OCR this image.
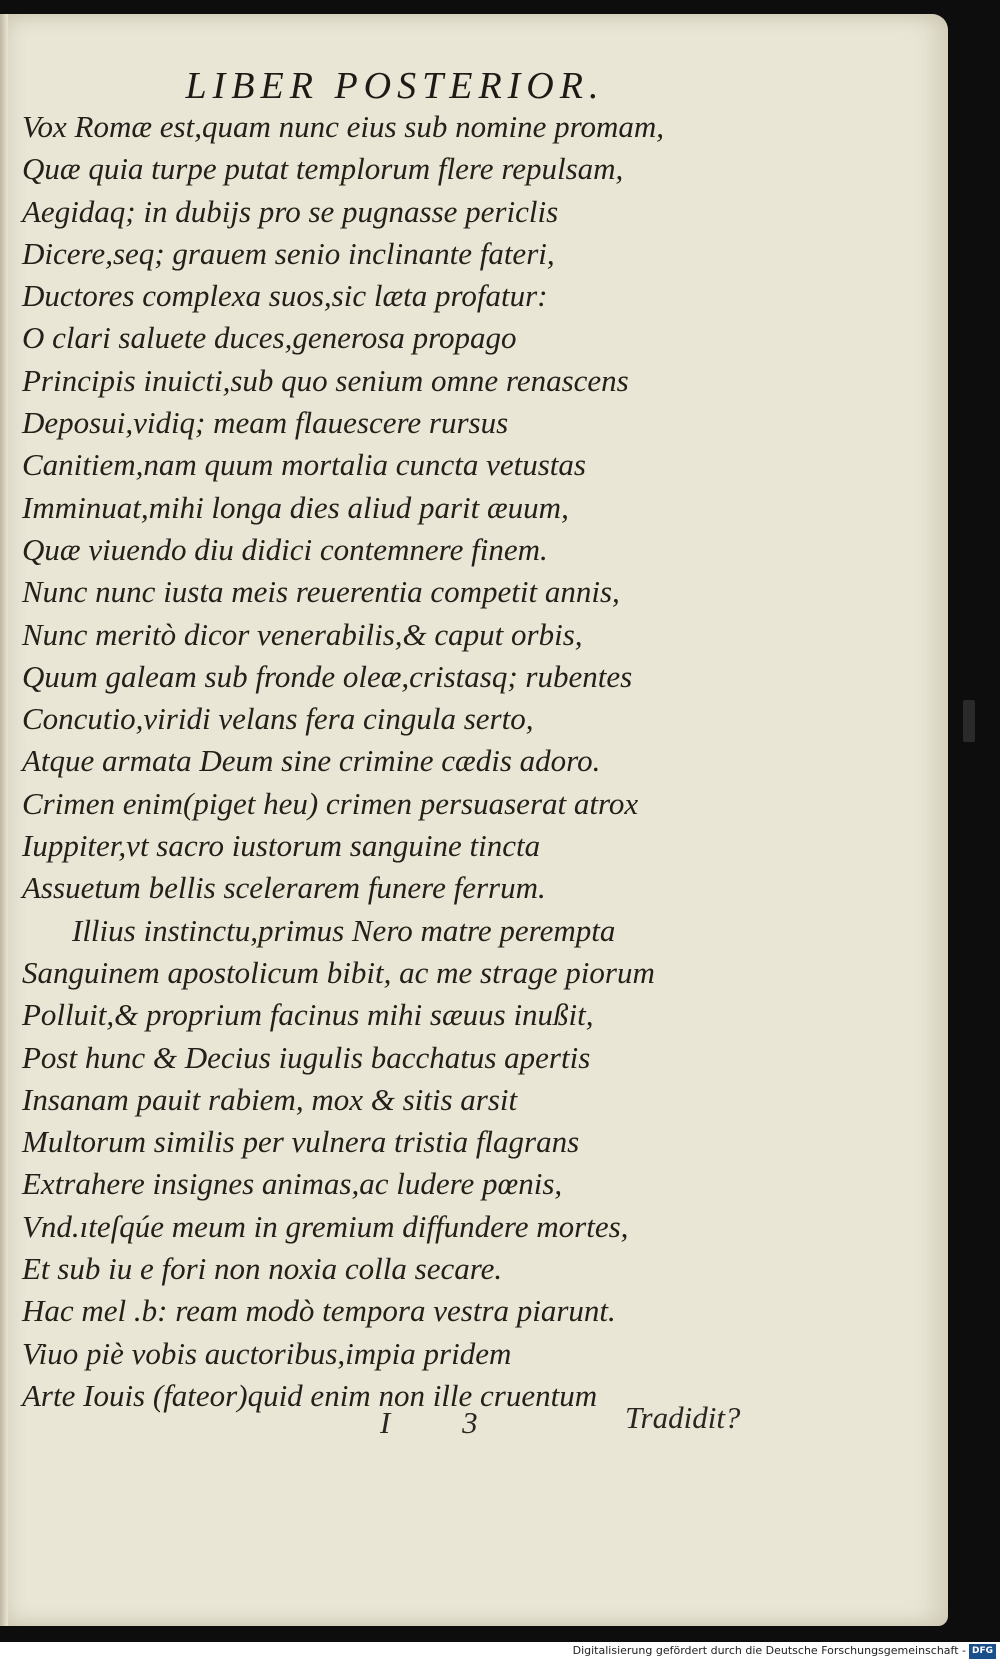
LIBER POSTERIOR.
Vox Romæ est,quam nunc eius sub nomine promam,
Quæ quia turpe putat templorum flere repulsam,
Aegidaq; in dubijs pro se pugnasse periclis
Dicere,seq; grauem senio inclinante fateri,
Ductores complexa suos,sic læta profatur:
O clari saluete duces,generosa propago
Principis inuicti,sub quo senium omne renascens
Deposui,vidiq; meam flauescere rursus
Canitiem,nam quum mortalia cuncta vetustas
Imminuat,mihi longa dies aliud parit æuum,
Quæ viuendo diu didici contemnere finem.
Nunc nunc iusta meis reuerentia competit annis,
Nunc meritò dicor venerabilis,& caput orbis,
Quum galeam sub fronde oleæ,cristasq; rubentes
Concutio,viridi velans fera cingula serto,
Atque armata Deum sine crimine cædis adoro.
Crimen enim(piget heu) crimen persuaserat atrox
Iuppiter,vt sacro iustorum sanguine tincta
Assuetum bellis scelerarem funere ferrum.
Illius instinctu,primus Nero matre perempta
Sanguinem apostolicum bibit, ac me strage piorum
Polluit,& proprium facinus mihi sæuus inußit,
Post hunc & Decius iugulis bacchatus apertis
Insanam pauit rabiem, mox & sitis arsit
Multorum similis per vulnera tristia flagrans
Extrahere insignes animas,ac ludere pœnis,
Vnd.ıteſqúe meum in gremium diffundere mortes,
Et sub iu e fori non noxia colla secare.
Hac mel .b: ream modò tempora vestra piarunt.
Viuo piè vobis auctoribus,impia pridem
Arte Iouis (fateor)quid enim non ille cruentum
I 3	Tradidit?
Digitalisierung gefördert durch die Deutsche Forschungsgemeinschaft - DFG
